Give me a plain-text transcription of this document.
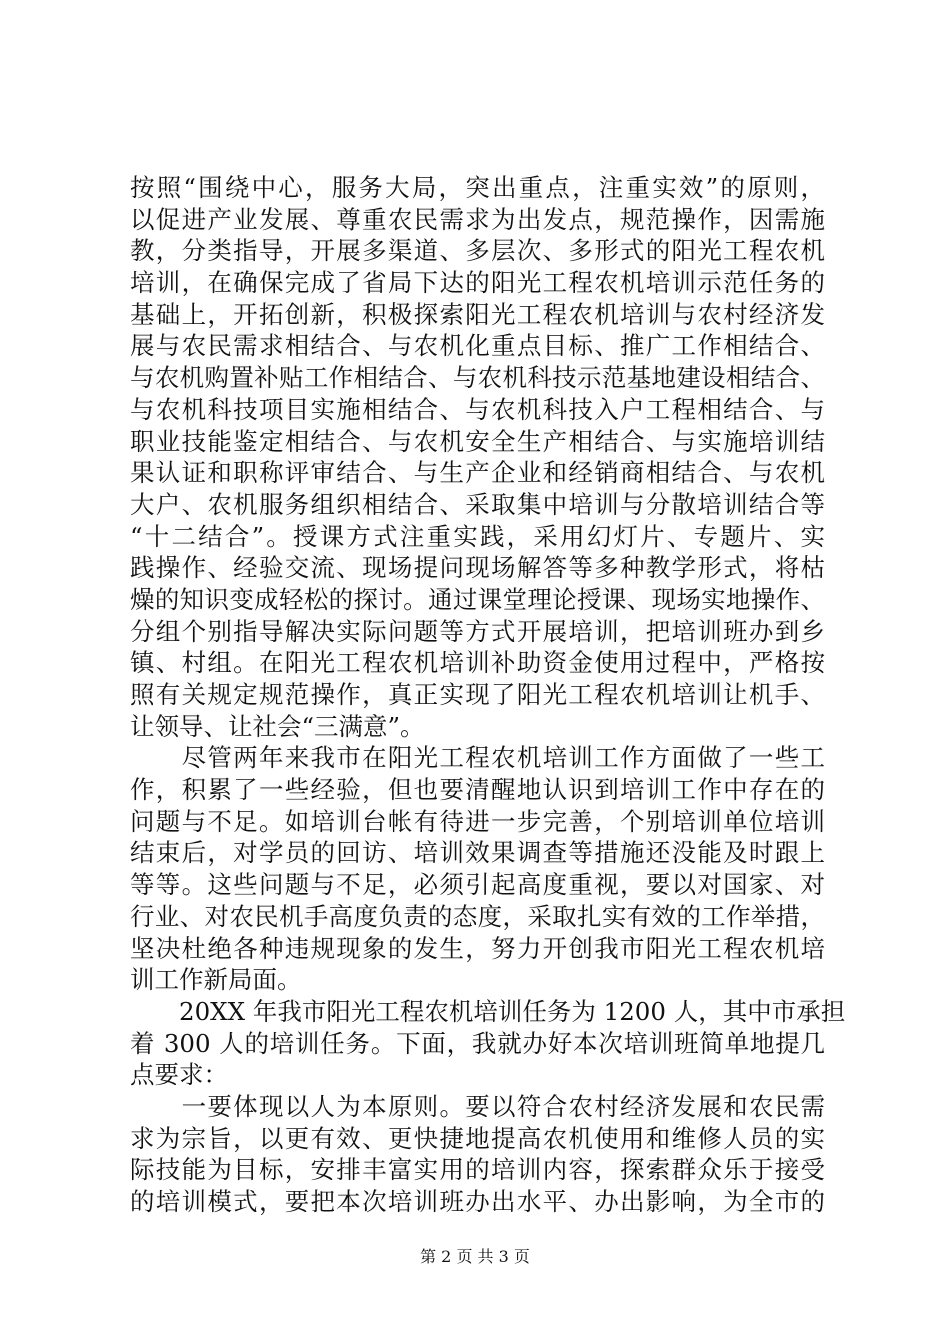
按照“围绕中心，服务大局，突出重点，注重实效”的原则，
以促进产业发展、尊重农民需求为出发点，规范操作，因需施
教，分类指导，开展多渠道、多层次、多形式的阳光工程农机
培训，在确保完成了省局下达的阳光工程农机培训示范任务的
基础上，开拓创新，积极探索阳光工程农机培训与农村经济发
展与农民需求相结合、与农机化重点目标、推广工作相结合、
与农机购置补贴工作相结合、与农机科技示范基地建设相结合、
与农机科技项目实施相结合、与农机科技入户工程相结合、与
职业技能鉴定相结合、与农机安全生产相结合、与实施培训结
果认证和职称评审结合、与生产企业和经销商相结合、与农机
大户、农机服务组织相结合、采取集中培训与分散培训结合等
“十二结合”。授课方式注重实践，采用幻灯片、专题片、实
践操作、经验交流、现场提问现场解答等多种教学形式，将枯
燥的知识变成轻松的探讨。通过课堂理论授课、现场实地操作、
分组个别指导解决实际问题等方式开展培训，把培训班办到乡
镇、村组。在阳光工程农机培训补助资金使用过程中，严格按
照有关规定规范操作，真正实现了阳光工程农机培训让机手、
让领导、让社会“三满意”。
　　尽管两年来我市在阳光工程农机培训工作方面做了一些工
作，积累了一些经验，但也要清醒地认识到培训工作中存在的
问题与不足。如培训台帐有待进一步完善，个别培训单位培训
结束后，对学员的回访、培训效果调查等措施还没能及时跟上
等等。这些问题与不足，必须引起高度重视，要以对国家、对
行业、对农民机手高度负责的态度，采取扎实有效的工作举措，
坚决杜绝各种违规现象的发生，努力开创我市阳光工程农机培
训工作新局面。
　　20XX 年我市阳光工程农机培训任务为 1200 人，其中市承担
着 300 人的培训任务。下面，我就办好本次培训班简单地提几
点要求：
　　一要体现以人为本原则。要以符合农村经济发展和农民需
求为宗旨，以更有效、更快捷地提高农机使用和维修人员的实
际技能为目标，安排丰富实用的培训内容，探索群众乐于接受
的培训模式，要把本次培训班办出水平、办出影响，为全市的
第 2 页 共 3 页
